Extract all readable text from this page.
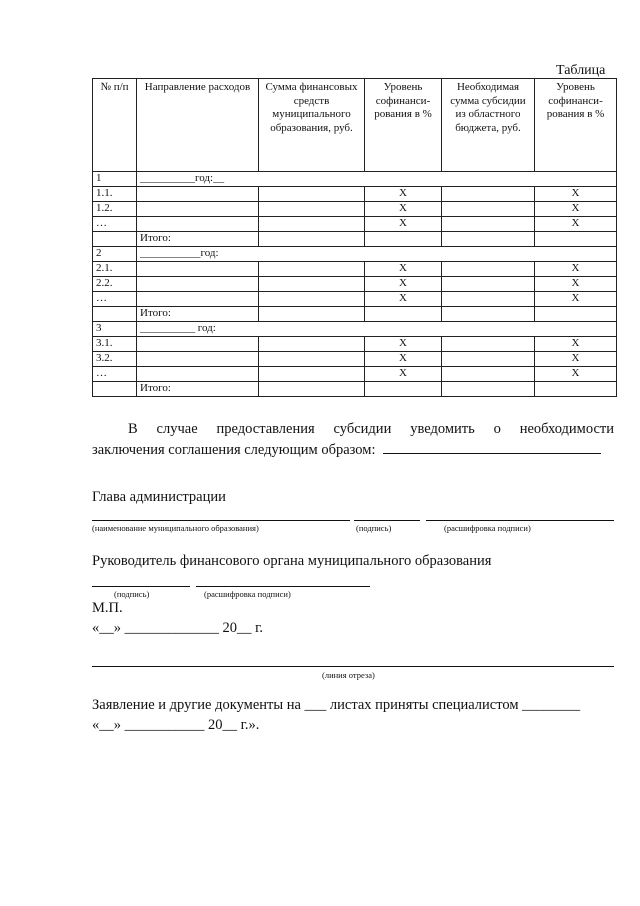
Таблица
№ п/п	Направление расходов	Сумма финансовых средств муниципального образования, руб.	Уровень софинанси-рования в %	Необходимая сумма субсидии из областного бюджета, руб.	Уровень софинанси-рования в %
1	__________год:__				
1.1.			X		X
1.2.			X		X
…			X		X
	Итого:				
2	___________год:				
2.1.			X		X
2.2.			X		X
…			X		X
	Итого:				
3	__________ год:				
3.1.			X		X
3.2.			X		X
…			X		X
	Итого:				
В случае предоставления субсидии уведомить о необходимости
заключения соглашения следующим образом:
Глава администрации
(наименование муниципального образования)	(подпись)	(расшифровка подписи)
Руководитель финансового органа муниципального образования
(подпись)	(расшифровка подписи)
М.П.
«__» _____________ 20__ г.
(линия отреза)
Заявление и другие документы на ___ листах приняты специалистом ________
«__» ___________ 20__ г.».
